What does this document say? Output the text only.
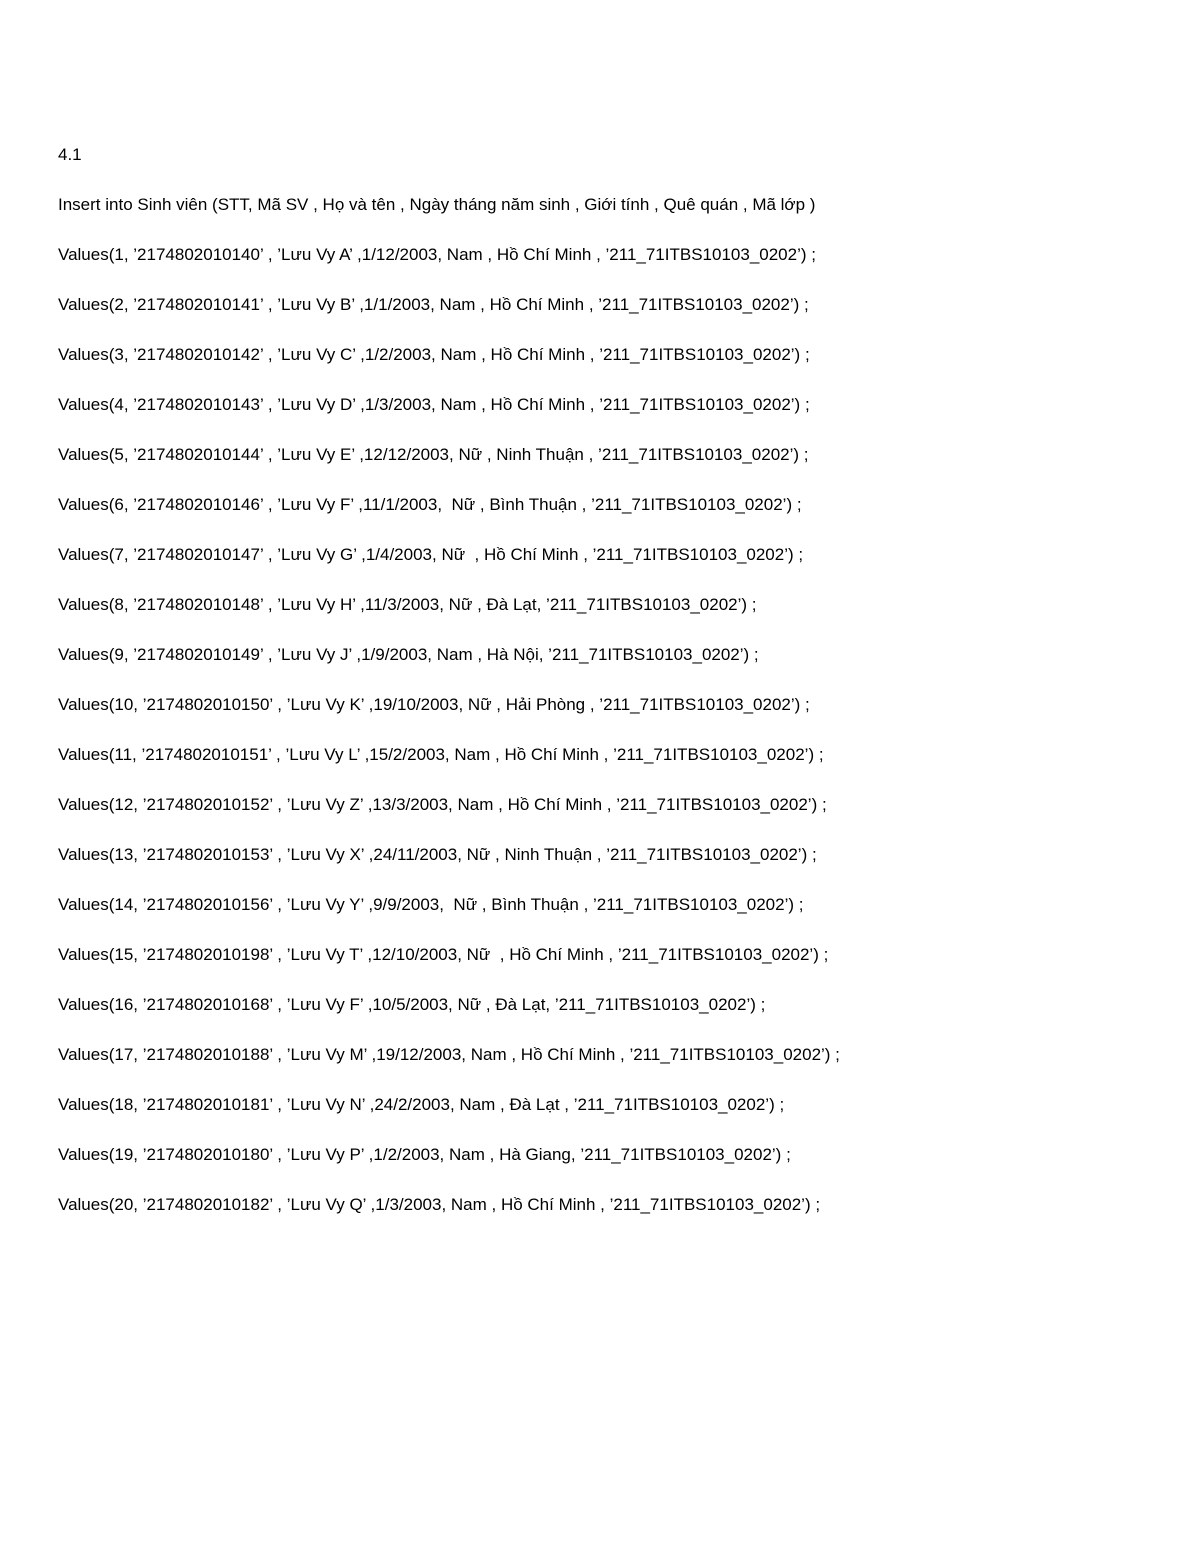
4.1

Insert into Sinh viên (STT, Mã SV , Họ và tên , Ngày tháng năm sinh , Giới tính , Quê quán , Mã lớp )

Values(1, ’2174802010140’ , ’Lưu Vy A’ ,1/12/2003, Nam , Hồ Chí Minh , ’211_71ITBS10103_0202’) ;

Values(2, ’2174802010141’ , ’Lưu Vy B’ ,1/1/2003, Nam , Hồ Chí Minh , ’211_71ITBS10103_0202’) ;

Values(3, ’2174802010142’ , ’Lưu Vy C’ ,1/2/2003, Nam , Hồ Chí Minh , ’211_71ITBS10103_0202’) ;

Values(4, ’2174802010143’ , ’Lưu Vy D’ ,1/3/2003, Nam , Hồ Chí Minh , ’211_71ITBS10103_0202’) ;

Values(5, ’2174802010144’ , ’Lưu Vy E’ ,12/12/2003, Nữ , Ninh Thuận , ’211_71ITBS10103_0202’) ;

Values(6, ’2174802010146’ , ’Lưu Vy F’ ,11/1/2003,  Nữ , Bình Thuận , ’211_71ITBS10103_0202’) ;

Values(7, ’2174802010147’ , ’Lưu Vy G’ ,1/4/2003, Nữ  , Hồ Chí Minh , ’211_71ITBS10103_0202’) ;

Values(8, ’2174802010148’ , ’Lưu Vy H’ ,11/3/2003, Nữ , Đà Lạt, ’211_71ITBS10103_0202’) ;

Values(9, ’2174802010149’ , ’Lưu Vy J’ ,1/9/2003, Nam , Hà Nội, ’211_71ITBS10103_0202’) ;

Values(10, ’2174802010150’ , ’Lưu Vy K’ ,19/10/2003, Nữ , Hải Phòng , ’211_71ITBS10103_0202’) ;

Values(11, ’2174802010151’ , ’Lưu Vy L’ ,15/2/2003, Nam , Hồ Chí Minh , ’211_71ITBS10103_0202’) ;

Values(12, ’2174802010152’ , ’Lưu Vy Z’ ,13/3/2003, Nam , Hồ Chí Minh , ’211_71ITBS10103_0202’) ;

Values(13, ’2174802010153’ , ’Lưu Vy X’ ,24/11/2003, Nữ , Ninh Thuận , ’211_71ITBS10103_0202’) ;

Values(14, ’2174802010156’ , ’Lưu Vy Y’ ,9/9/2003,  Nữ , Bình Thuận , ’211_71ITBS10103_0202’) ;

Values(15, ’2174802010198’ , ’Lưu Vy T’ ,12/10/2003, Nữ  , Hồ Chí Minh , ’211_71ITBS10103_0202’) ;

Values(16, ’2174802010168’ , ’Lưu Vy F’ ,10/5/2003, Nữ , Đà Lạt, ’211_71ITBS10103_0202’) ;

Values(17, ’2174802010188’ , ’Lưu Vy M’ ,19/12/2003, Nam , Hồ Chí Minh , ’211_71ITBS10103_0202’) ;

Values(18, ’2174802010181’ , ’Lưu Vy N’ ,24/2/2003, Nam , Đà Lạt , ’211_71ITBS10103_0202’) ;

Values(19, ’2174802010180’ , ’Lưu Vy P’ ,1/2/2003, Nam , Hà Giang, ’211_71ITBS10103_0202’) ;

Values(20, ’2174802010182’ , ’Lưu Vy Q’ ,1/3/2003, Nam , Hồ Chí Minh , ’211_71ITBS10103_0202’) ;
